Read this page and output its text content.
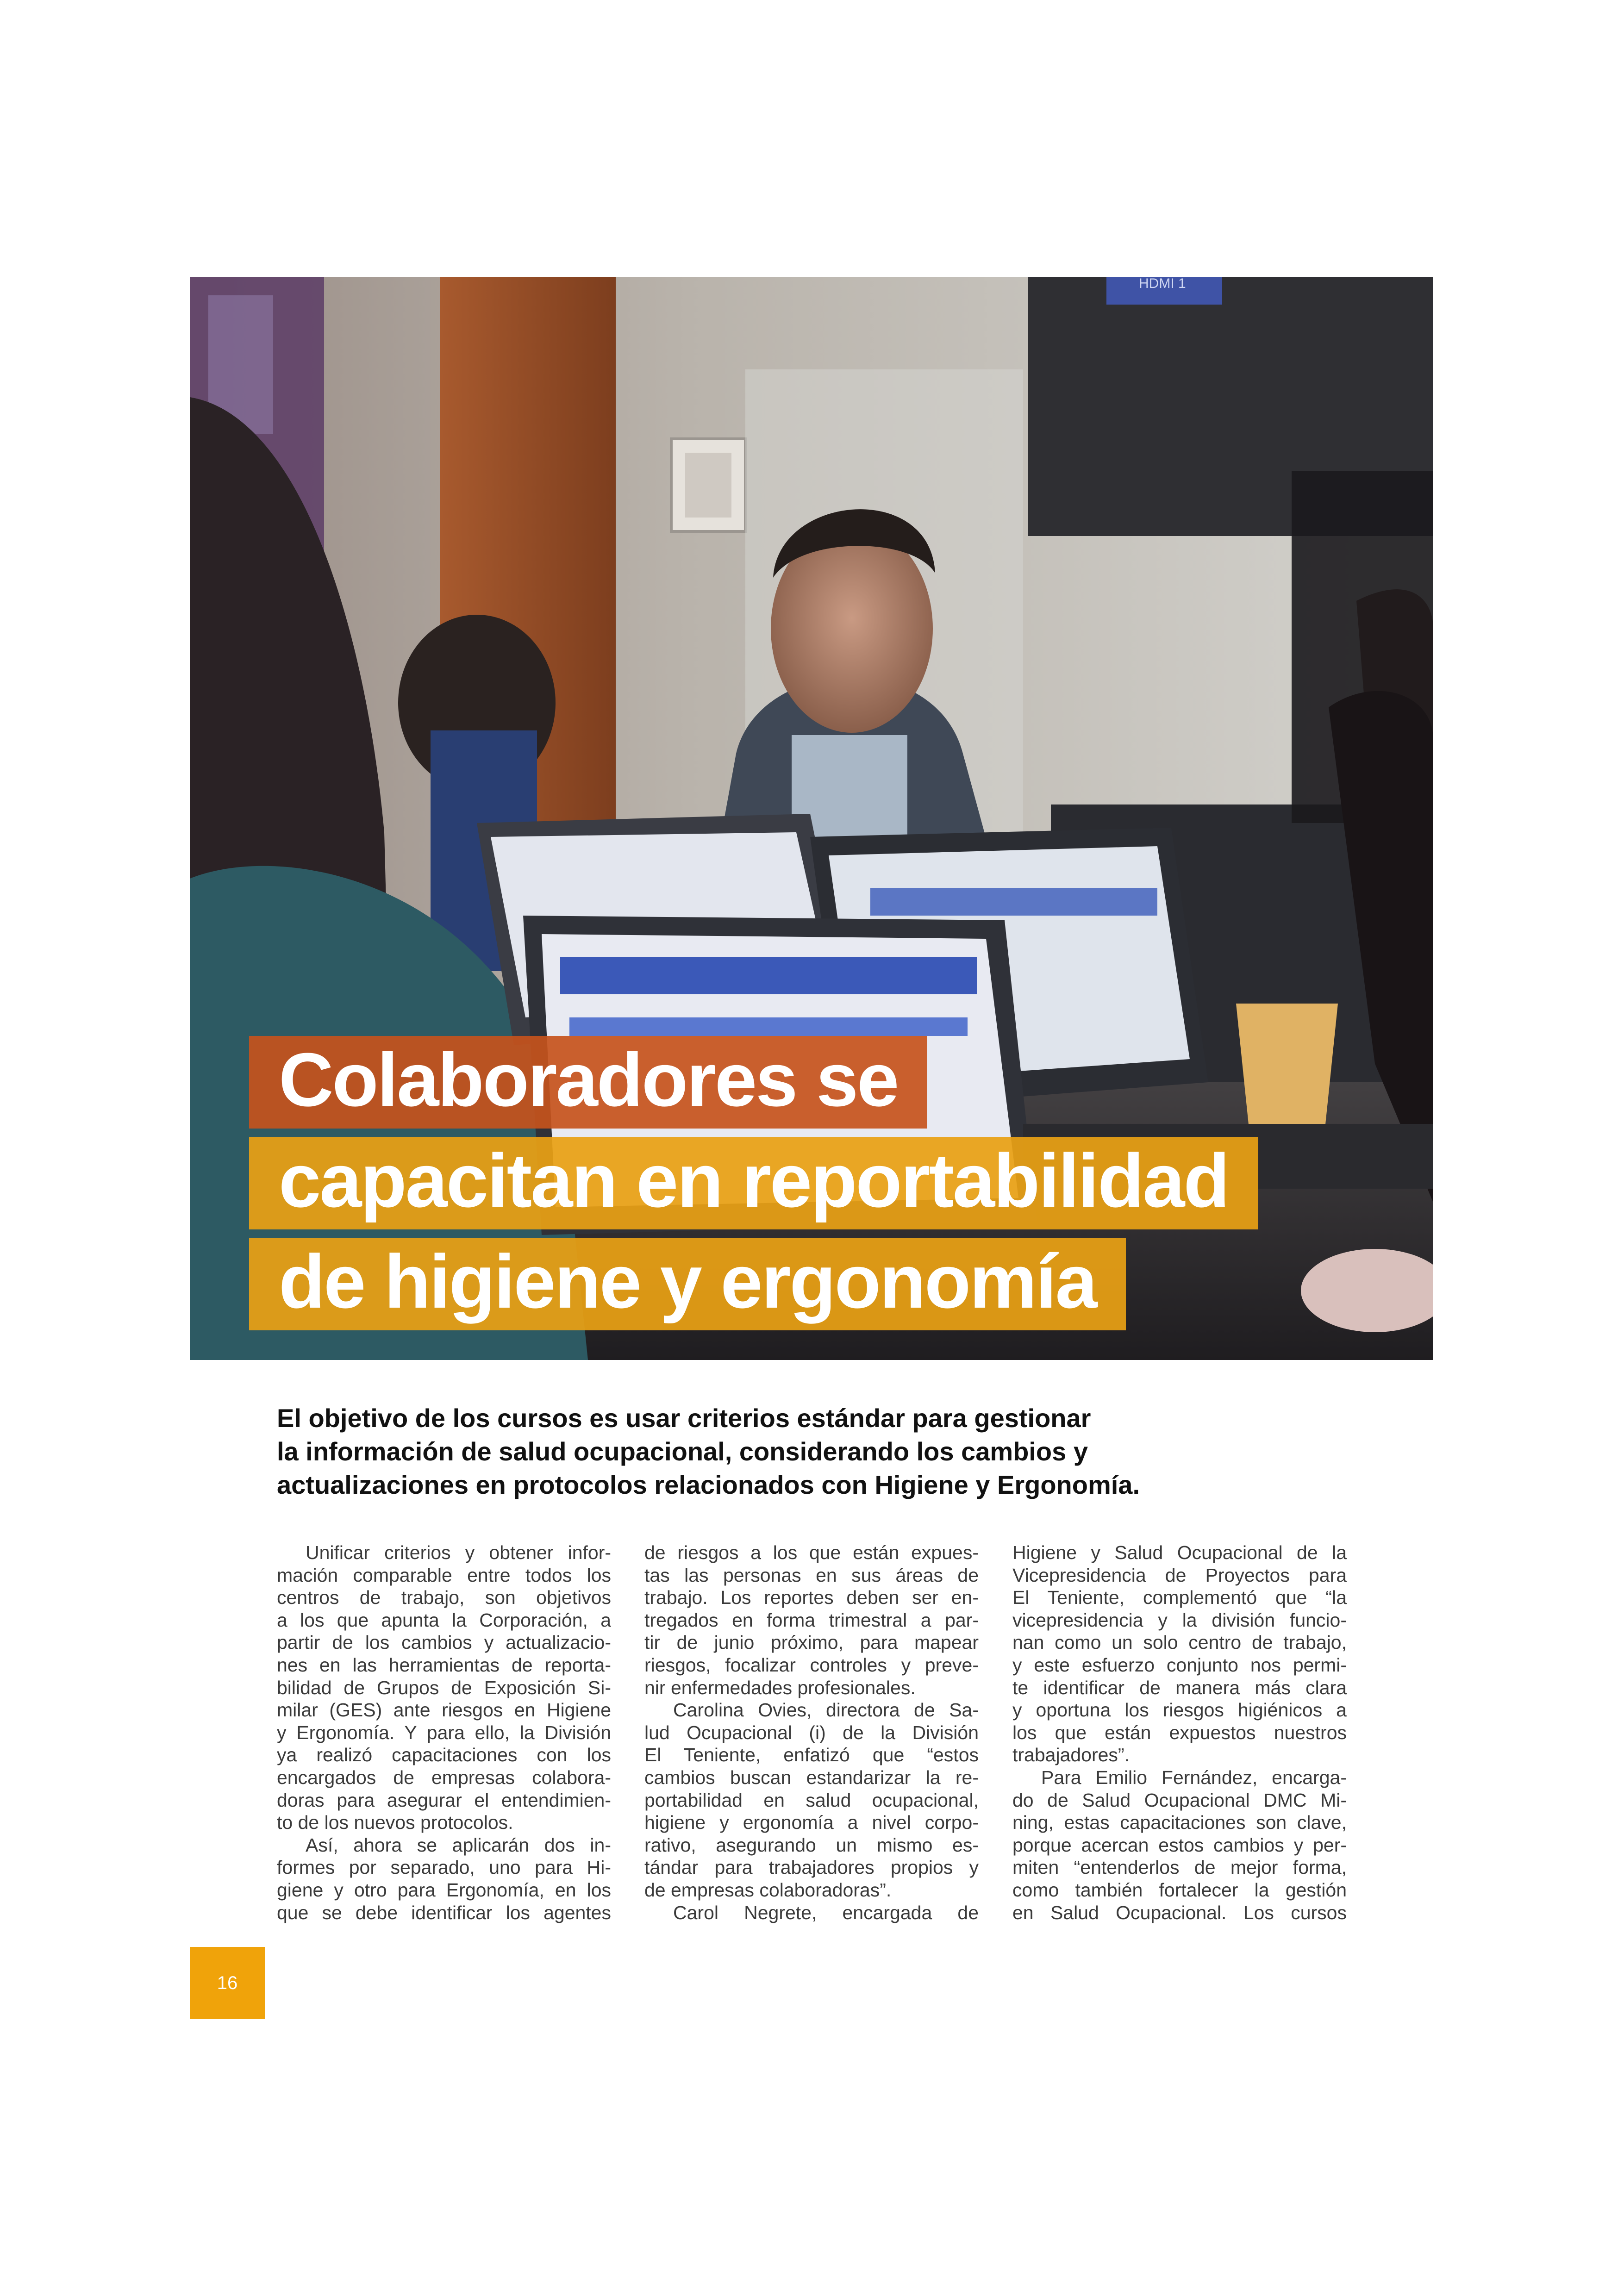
HDMI 1
Colaboradores se
capacitan en reportabilidad
de higiene y ergonomía
El objetivo de los cursos es usar criterios estándar para gestionar
la información de salud ocupacional, considerando los cambios y
actualizaciones en protocolos relacionados con Higiene y Ergonomía.
Unificar criterios y obtener infor-
mación comparable entre todos los
centros de trabajo, son objetivos
a los que apunta la Corporación, a
partir de los cambios y actualizacio-
nes en las herramientas de reporta-
bilidad de Grupos de Exposición Si-
milar (GES) ante riesgos en Higiene
y Ergonomía. Y para ello, la División
ya realizó capacitaciones con los
encargados de empresas colabora-
doras para asegurar el entendimien-
to de los nuevos protocolos.
Así, ahora se aplicarán dos in-
formes por separado, uno para Hi-
giene y otro para Ergonomía, en los
que se debe identificar los agentes
de riesgos a los que están expues-
tas las personas en sus áreas de
trabajo. Los reportes deben ser en-
tregados en forma trimestral a par-
tir de junio próximo, para mapear
riesgos, focalizar controles y preve-
nir enfermedades profesionales.
Carolina Ovies, directora de Sa-
lud Ocupacional (i) de la División
El Teniente, enfatizó que “estos
cambios buscan estandarizar la re-
portabilidad en salud ocupacional,
higiene y ergonomía a nivel corpo-
rativo, asegurando un mismo es-
tándar para trabajadores propios y
de empresas colaboradoras”.
Carol Negrete, encargada de
Higiene y Salud Ocupacional de la
Vicepresidencia de Proyectos para
El Teniente, complementó que “la
vicepresidencia y la división funcio-
nan como un solo centro de trabajo,
y este esfuerzo conjunto nos permi-
te identificar de manera más clara
y oportuna los riesgos higiénicos a
los que están expuestos nuestros
trabajadores”.
Para Emilio Fernández, encarga-
do de Salud Ocupacional DMC Mi-
ning, estas capacitaciones son clave,
porque acercan estos cambios y per-
miten “entenderlos de mejor forma,
como también fortalecer la gestión
en Salud Ocupacional. Los cursos
16
